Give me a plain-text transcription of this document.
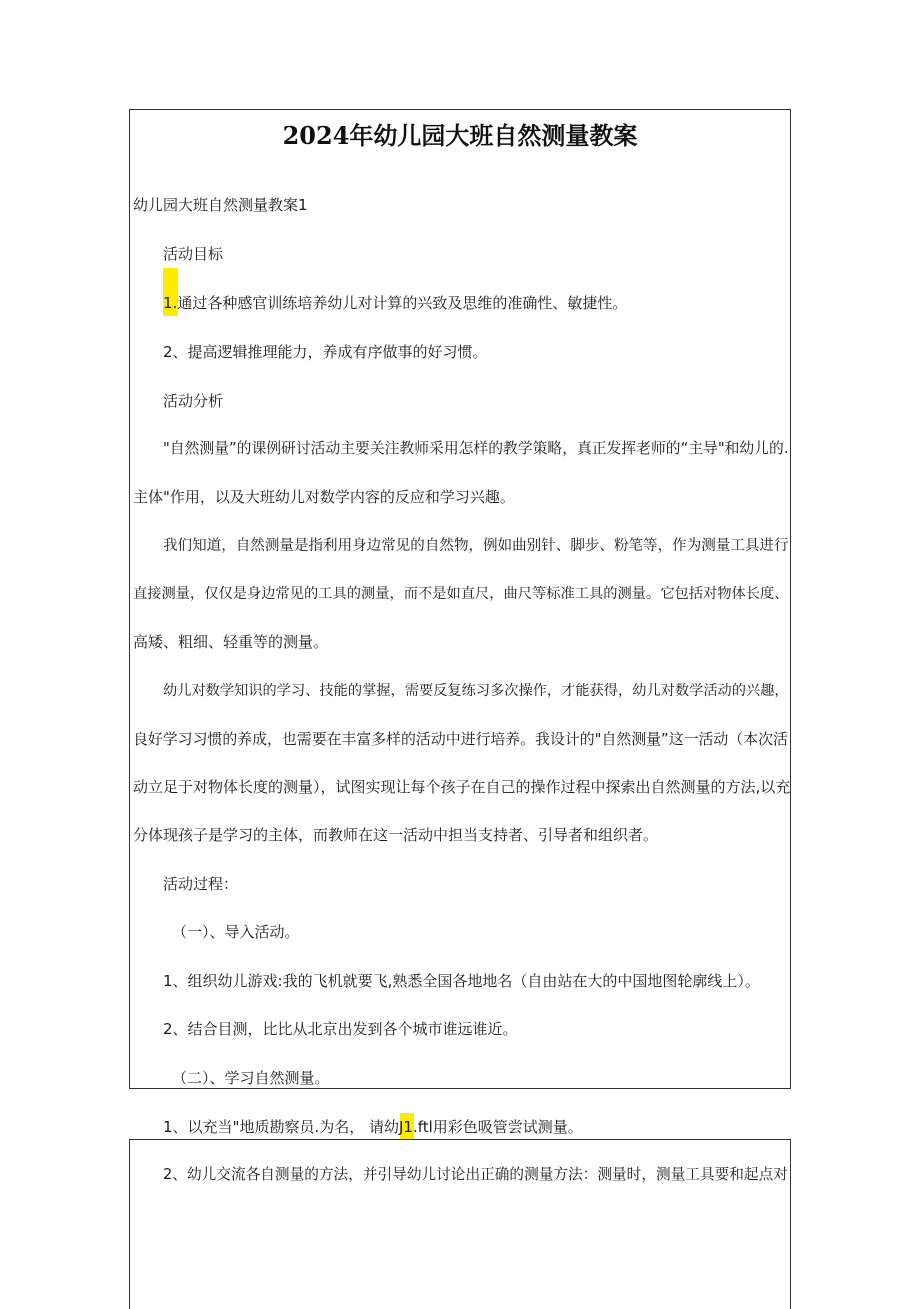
2024年幼儿园大班自然测量教案
幼儿园大班自然测量教案1
活动目标
1.通过各种感官训练培养幼儿对计算的兴致及思维的准确性、敏捷性。
2、提高逻辑推理能力，养成有序做事的好习惯。
活动分析
"自然测量”的课例研讨活动主要关注教师采用怎样的教学策略，真正发挥老师的“主导"和幼儿的.
主体"作用，以及大班幼儿对数学内容的反应和学习兴趣。
我们知道，自然测量是指利用身边常见的自然物，例如曲别针、脚步、粉笔等，作为测量工具进行
直接测量，仅仅是身边常见的工具的测量，而不是如直尺，曲尺等标准工具的测量。它包括对物体长度、
高矮、粗细、轻重等的测量。
幼儿对数学知识的学习、技能的掌握，需要反复练习多次操作，才能获得，幼儿对数学活动的兴趣，
良好学习习惯的养成，也需要在丰富多样的活动中进行培养。我设计的"自然测量”这一活动（本次活
动立足于对物体长度的测量），试图实现让每个孩子在自己的操作过程中探索出自然测量的方法,以充
分体现孩子是学习的主体，而教师在这一活动中担当支持者、引导者和组织者。
活动过程：
（一）、导入活动。
1、组织幼儿游戏:我的飞机就要飞,熟悉全国各地地名（自由站在大的中国地图轮廓线上）。
2、结合目测，比比从北京出发到各个城市谁远谁近。
（二）、学习自然测量。
1、以充当"地质勘察员.为名， 请幼J1.ftl用彩色吸管尝试测量。
2、幼儿交流各自测量的方法，并引导幼儿讨论出正确的测量方法：测量时，测量工具要和起点对
